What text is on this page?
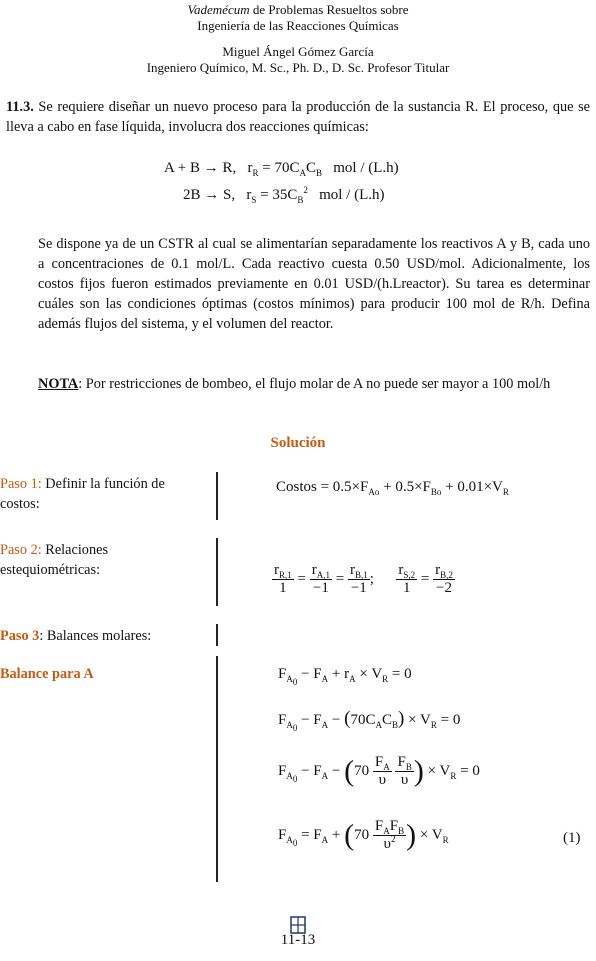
Vademécum de Problemas Resueltos sobre
Ingeniería de las Reacciones Químicas
Miguel Ángel Gómez García
Ingeniero Químico, M. Sc., Ph. D., D. Sc. Profesor Titular
11.3. Se requiere diseñar un nuevo proceso para la producción de la sustancia R. El proceso, que se lleva a cabo en fase líquida, involucra dos reacciones químicas:
A + B → R,   $r_R = 70C_AC_B$   mol / (L.h)
2B → S,   $r_S = 35C_B^2$   mol / (L.h)
Se dispone ya de un CSTR al cual se alimentarían separadamente los reactivos A y B, cada uno a concentraciones de 0.1 mol/L. Cada reactivo cuesta 0.50 USD/mol. Adicionalmente, los costos fijos fueron estimados previamente en 0.01 USD/(h.Lreactor). Su tarea es determinar cuáles son las condiciones óptimas (costos mínimos) para producir 100 mol de R/h. Defina además flujos del sistema, y el volumen del reactor.
NOTA: Por restricciones de bombeo, el flujo molar de A no puede ser mayor a 100 mol/h
Solución
Paso 1: Definir la función de costos:
Costos = $0.5\times F_{Ao} + 0.5\times F_{Bo} + 0.01\times V_R$
Paso 2: Relaciones estequiométricas:	$\frac{r_{R,1}}{1} = \frac{r_{A,1}}{-1} = \frac{r_{B,1}}{-1}$ ; $\frac{r_{S,2}}{1} = \frac{r_{B,2}}{-2}$
Paso 3: Balances molares:
Balance para A	$F_{A_0} - F_A + r_A \times V_R = 0$
$F_{A_0} - F_A - (70C_AC_B) \times V_R = 0$
$F_{A_0} - F_A - (70 \frac{F_A}{\upsilon}$
$\frac{F_B}{\upsilon}$ ) × $V_R = 0$
$F_{A_0} = F_A + (70 \frac{F_AF_B}{\upsilon^2}$ ) × $V_R$	(1)
11-13
